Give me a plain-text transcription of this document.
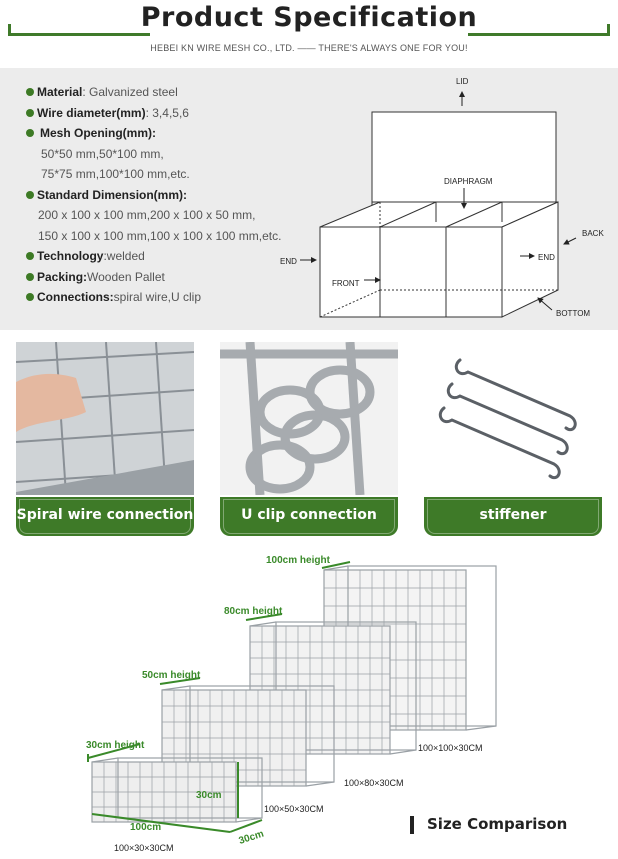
Product Specification
HEBEI KN WIRE MESH CO., LTD. —— THERE'S ALWAYS ONE FOR YOU!
Material : Galvanized steel
Wire diameter(mm) : 3,4,5,6
Mesh Opening(mm):
50*50 mm,50*100 mm,
75*75 mm,100*100 mm,etc.
Standard Dimension(mm):
200 x 100 x 100 mm,200 x 100 x 50 mm,
150 x 100 x 100 mm,100 x 100 x 100 mm,etc.
Technology :welded
Packing: Wooden Pallet
Connections: spiral wire,U clip
LID
DIAPHRAGM
BACK
END	END
FRONT
BOTTOM
Spiral wire connection	U clip connection	stiffener
100cm height
80cm height
50cm height
30cm height
30cm
100cm
30cm
100×100×30CM
100×80×30CM
100×50×30CM
100×30×30CM
Size Comparison
